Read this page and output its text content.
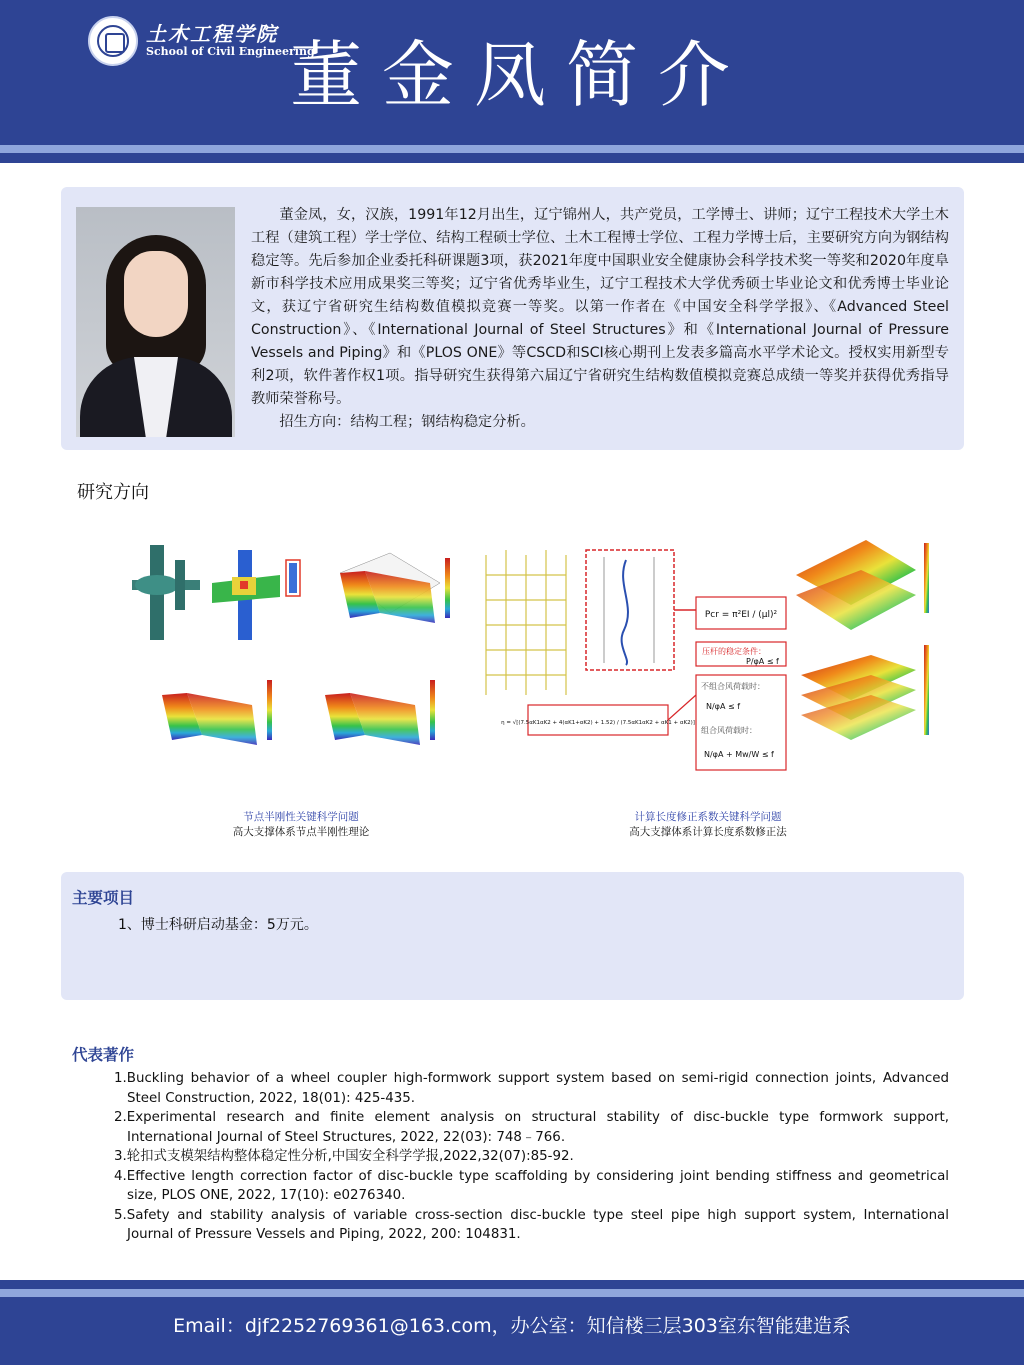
土木工程学院
School of Civil Engineering
董金凤简介

董金凤，女，汉族，1991年12月出生，辽宁锦州人，共产党员，工学博士、讲师；辽宁工程技术大学土木工程（建筑工程）学士学位、结构工程硕士学位、土木工程博士学位、工程力学博士后，主要研究方向为钢结构稳定等。先后参加企业委托科研课题3项，获2021年度中国职业安全健康协会科学技术奖一等奖和2020年度阜新市科学技术应用成果奖三等奖；辽宁省优秀毕业生，辽宁工程技术大学优秀硕士毕业论文和优秀博士毕业论文，获辽宁省研究生结构数值模拟竞赛一等奖。以第一作者在《中国安全科学学报》、《Advanced Steel Construction》、《International Journal of Steel Structures》和《International Journal of Pressure Vessels and Piping》和《PLOS ONE》等CSCD和SCI核心期刊上发表多篇高水平学术论文。授权实用新型专利2项，软件著作权1项。指导研究生获得第六届辽宁省研究生结构数值模拟竞赛总成绩一等奖并获得优秀指导教师荣誉称号。

招生方向：结构工程；钢结构稳定分析。

研究方向
节点半刚性关键科学问题
高大支撑体系节点半刚性理论
Pcr = π²EI / (μl)²
压杆的稳定条件：
P/φA ≤ f
不组合风荷载时：
N/φA ≤ f
组合风荷载时：
N/φA + Mw/W ≤ f
η = √[(7.5αK1αK2 + 4(αK1+αK2) + 1.52) / (7.5αK1αK2 + αK1 + αK2)]
计算长度修正系数关键科学问题
高大支撑体系计算长度系数修正法
主要项目
1、博士科研启动基金：5万元。
代表著作
1.Buckling behavior of a wheel coupler high-formwork support system based on semi-rigid connection joints, Advanced Steel Construction, 2022, 18(01): 425-435.
2.Experimental research and finite element analysis on structural stability of disc-buckle type formwork support, International Journal of Steel Structures, 2022, 22(03): 748﹣766.
3.轮扣式支模架结构整体稳定性分析,中国安全科学学报,2022,32(07):85-92.
4.Effective length correction factor of disc-buckle type scaffolding by considering joint bending stiffness and geometrical size, PLOS ONE, 2022, 17(10): e0276340.
5.Safety and stability analysis of variable cross-section disc-buckle type steel pipe high support system, International Journal of Pressure Vessels and Piping, 2022, 200: 104831.
Email：djf2252769361@163.com，办公室：知信楼三层303室东智能建造系
